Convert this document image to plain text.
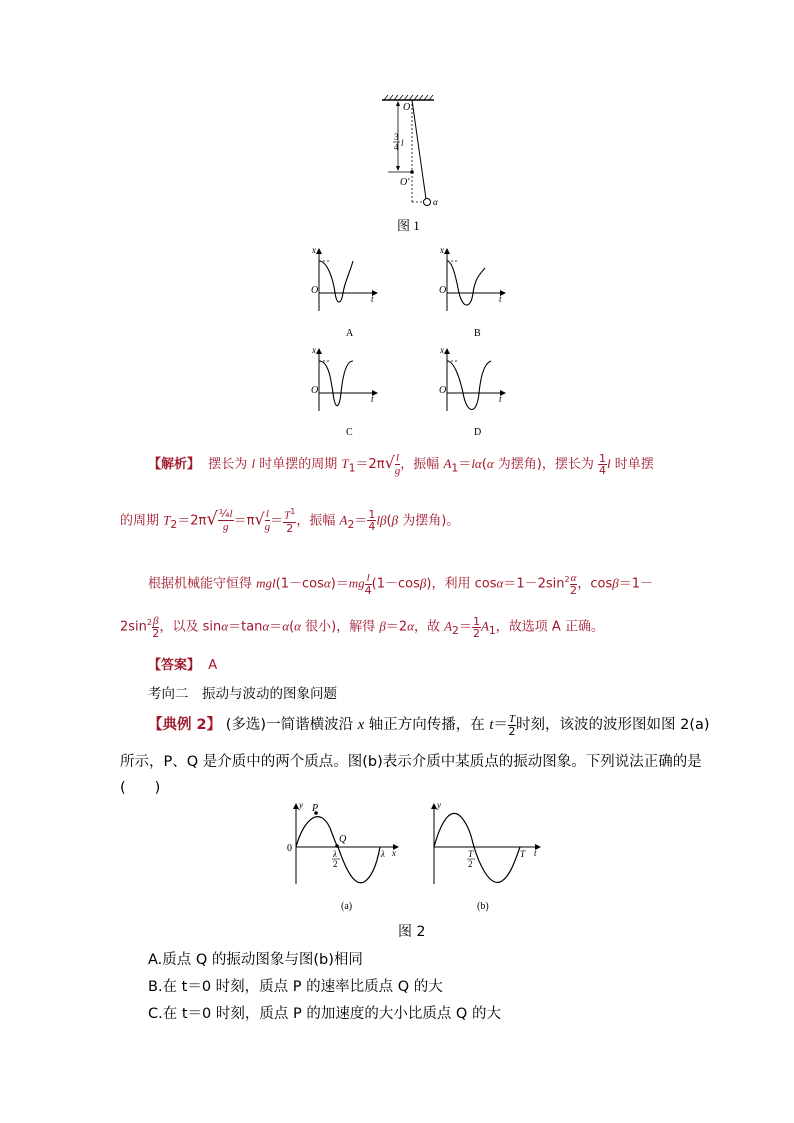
O
O′
3
4 l
α
图 1
x
O
t
x
O
t
x
O
t
x
O
t
A	B
C	D
【解析】 摆长为 l 时单摆的周期 $T_1=2\pi√ \frac{l}{g}$ ，振幅 $A_1=l\alpha(\alpha$ 为摆角)，摆长为 $\frac{1}{4}$ l 时单摆
的周期 $T_2=2\pi√ \frac{\text{¼l}}{g} =\pi√ \frac{l}{g} = \frac{T^1}{2}$ ，振幅 $A_2= \frac{1}{4} l\beta(\beta$ 为摆角)。
根据机械能守恒得 $mgl(1-\cos\alpha)=mg \frac{l}{4} (1-\cos\beta)$，利用 $\cos\alpha=1-2\sin^2 \frac{\alpha}{2}$ ，cosβ＝1－
$2\sin^2 \frac{\beta}{2}$ ，以及 sinα＝tanα＝α(α 很小)，解得 β＝2α，故 $A_2= \frac{1}{2} A_1$，故选项 A 正确。
【答案】 A
考向二　振动与波动的图象问题
【典例 2】 (多选)一简谐横波沿 x 轴正方向传播，在 $t= \frac{T}{2}$ 时刻，该波的波形图如图 2(a)
所示，P、Q 是介质中的两个质点。图(b)表示介质中某质点的振动图象。下列说法正确的是
(　　)
P
Q
y
0	λ
2
λ x
y
T
2
T t
(a)	(b)
图 2
A.质点 Q 的振动图象与图(b)相同
B.在 t＝0 时刻，质点 P 的速率比质点 Q 的大
C.在 t＝0 时刻，质点 P 的加速度的大小比质点 Q 的大
